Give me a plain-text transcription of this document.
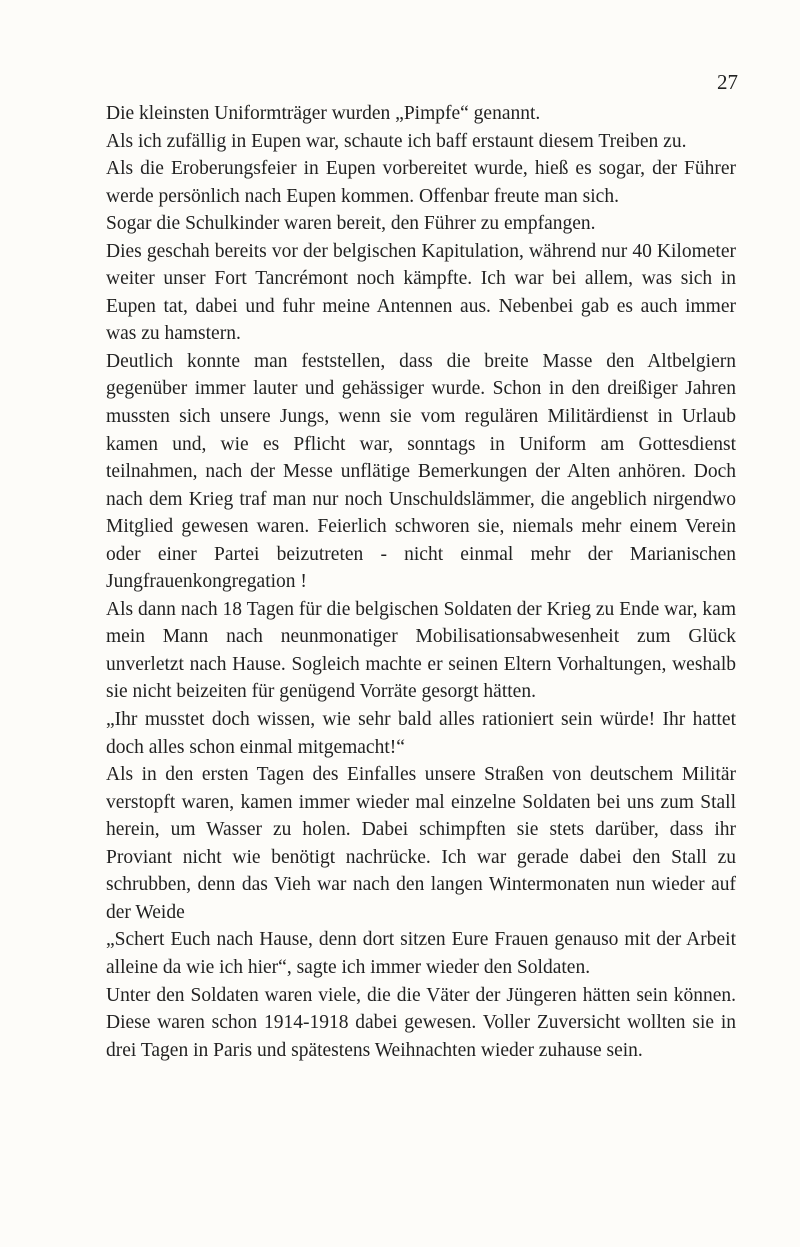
27

Die kleinsten Uniformträger wurden „Pimpfe“ genannt.

Als ich zufällig in Eupen war, schaute ich baff erstaunt diesem Treiben zu.

Als die Eroberungsfeier in Eupen vorbereitet wurde, hieß es sogar, der Führer werde persönlich nach Eupen kommen. Offenbar freute man sich.

Sogar die Schulkinder waren bereit, den Führer zu empfangen.

Dies geschah bereits vor der belgischen Kapitulation, während nur 40 Kilometer weiter unser Fort Tancrémont noch kämpfte. Ich war bei allem, was sich in Eupen tat, dabei und fuhr meine Antennen aus. Nebenbei gab es auch immer was zu hamstern.

Deutlich konnte man feststellen, dass die breite Masse den Altbelgiern gegenüber immer lauter und gehässiger wurde. Schon in den dreißiger Jahren mussten sich unsere Jungs, wenn sie vom regulären Militärdienst in Urlaub kamen und, wie es Pflicht war, sonntags in Uniform am Gottesdienst teilnahmen, nach der Messe unflätige Bemerkungen der Alten anhören. Doch nach dem Krieg traf man nur noch Unschuldslämmer, die angeblich nirgendwo Mitglied gewesen waren. Feierlich schworen sie, niemals mehr einem Verein oder einer Partei beizutreten - nicht einmal mehr der Marianischen Jungfrauenkongregation !

Als dann nach 18 Tagen für die belgischen Soldaten der Krieg zu Ende war, kam mein Mann nach neunmonatiger Mobilisationsabwesenheit zum Glück unverletzt nach Hause. Sogleich machte er seinen Eltern Vorhaltungen, weshalb sie nicht beizeiten für genügend Vorräte gesorgt hätten.

„Ihr musstet doch wissen, wie sehr bald alles rationiert sein würde! Ihr hattet doch alles schon einmal mitgemacht!“

Als in den ersten Tagen des Einfalles unsere Straßen von deutschem Militär verstopft waren, kamen immer wieder mal einzelne Soldaten bei uns zum Stall herein, um Wasser zu holen. Dabei schimpften sie stets darüber, dass ihr Proviant nicht wie benötigt nachrücke. Ich war gerade dabei den Stall zu schrubben, denn das Vieh war nach den langen Wintermonaten nun wieder auf der Weide

„Schert Euch nach Hause, denn dort sitzen Eure Frauen genauso mit der Arbeit alleine da wie ich hier“, sagte ich immer wieder den Soldaten.

Unter den Soldaten waren viele, die die Väter der Jüngeren hätten sein können. Diese waren schon 1914-1918 dabei gewesen. Voller Zuversicht wollten sie in drei Tagen in Paris und spätestens Weihnachten wieder zuhause sein.
